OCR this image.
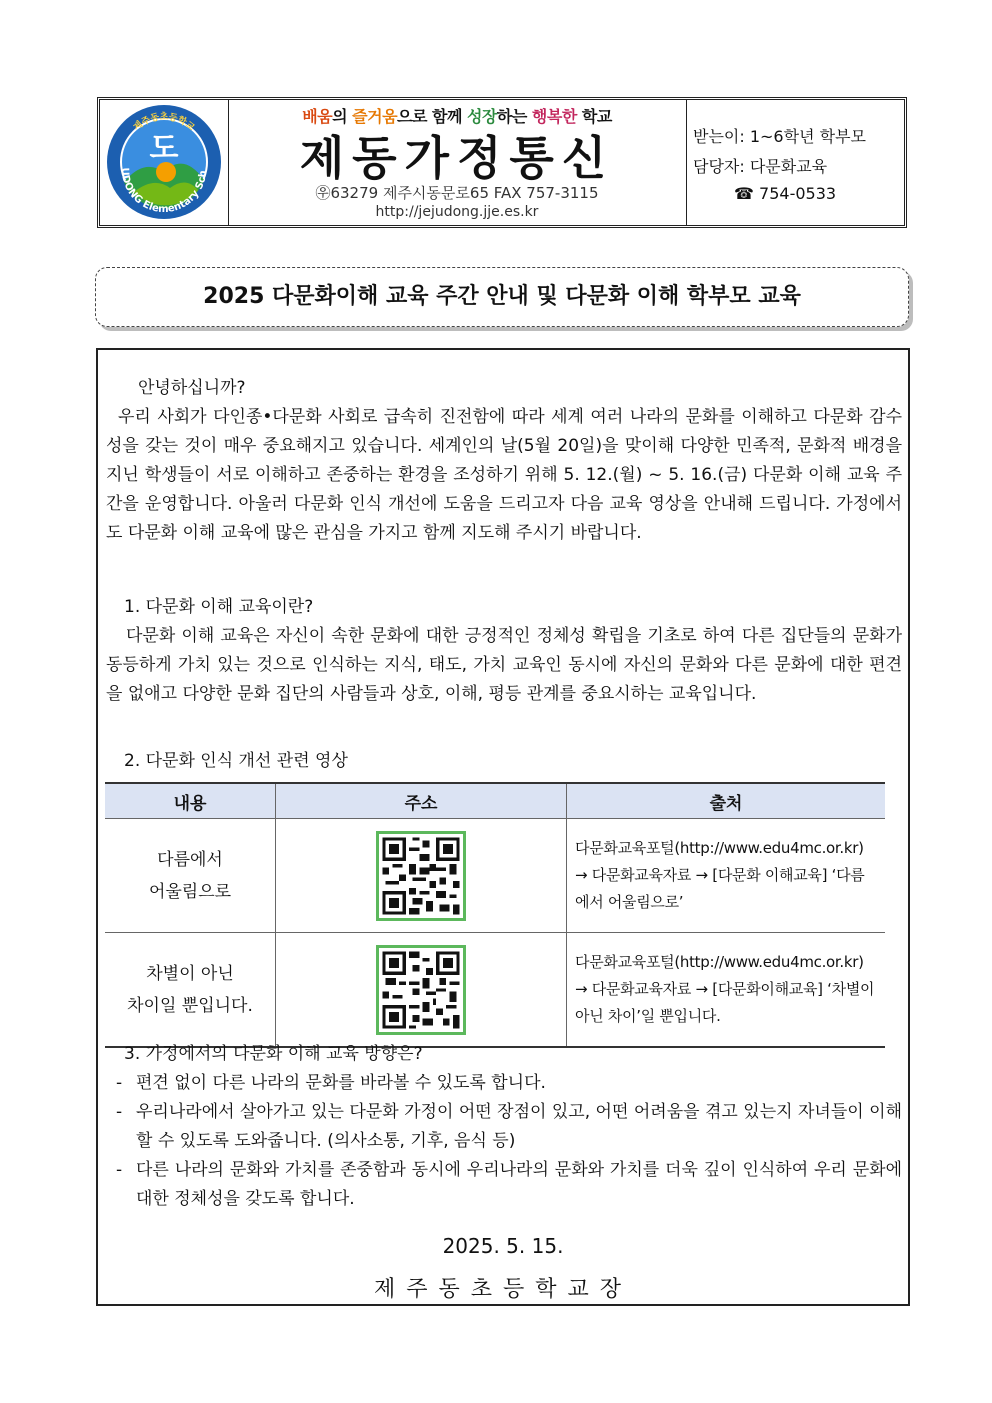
도
UDONG Elementary Sch
제주동초등학교
배움의 즐거움으로 함께 성장하는 행복한 학교
제동가정통신
㉾63279 제주시동문로65 FAX 757-3115
http://jejudong.jje.es.kr
받는이: 1~6학년 학부모
담당자: 다문화교육
☎ 754-0533
2025 다문화이해 교육 주간 안내 및 다문화 이해 학부모 교육
안녕하십니까?
우리 사회가 다인종•다문화 사회로 급속히 진전함에 따라 세계 여러 나라의 문화를 이해하고 다문화 감수성을 갖는 것이 매우 중요해지고 있습니다. 세계인의 날(5월 20일)을 맞이해 다양한 민족적, 문화적 배경을 지닌 학생들이 서로 이해하고 존중하는 환경을 조성하기 위해 5. 12.(월) ~ 5. 16.(금) 다문화 이해 교육 주간을 운영합니다. 아울러 다문화 인식 개선에 도움을 드리고자 다음 교육 영상을 안내해 드립니다. 가정에서도 다문화 이해 교육에 많은 관심을 가지고 함께 지도해 주시기 바랍니다.
1. 다문화 이해 교육이란?
다문화 이해 교육은 자신이 속한 문화에 대한 긍정적인 정체성 확립을 기초로 하여 다른 집단들의 문화가 동등하게 가치 있는 것으로 인식하는 지식, 태도, 가치 교육인 동시에 자신의 문화와 다른 문화에 대한 편견을 없애고 다양한 문화 집단의 사람들과 상호, 이해, 평등 관계를 중요시하는 교육입니다.
2. 다문화 인식 개선 관련 영상
내용	주소	출처
다름에서
어울림으로		다문화교육포털(http://www.edu4mc.or.kr) → 다문화교육자료 → [다문화 이해교육] ‘다름에서 어울림으로’
차별이 아닌
차이일 뿐입니다.		다문화교육포털(http://www.edu4mc.or.kr) → 다문화교육자료 → [다문화이해교육] ‘차별이 아닌 차이’일 뿐입니다.
3. 가정에서의 다문화 이해 교육 방향은?
- 편견 없이 다른 나라의 문화를 바라볼 수 있도록 합니다.
- 우리나라에서 살아가고 있는 다문화 가정이 어떤 장점이 있고, 어떤 어려움을 겪고 있는지 자녀들이 이해할 수 있도록 도와줍니다. (의사소통, 기후, 음식 등)
- 다른 나라의 문화와 가치를 존중함과 동시에 우리나라의 문화와 가치를 더욱 깊이 인식하여 우리 문화에 대한 정체성을 갖도록 합니다.
2025. 5. 15.
제주동초등학교장
